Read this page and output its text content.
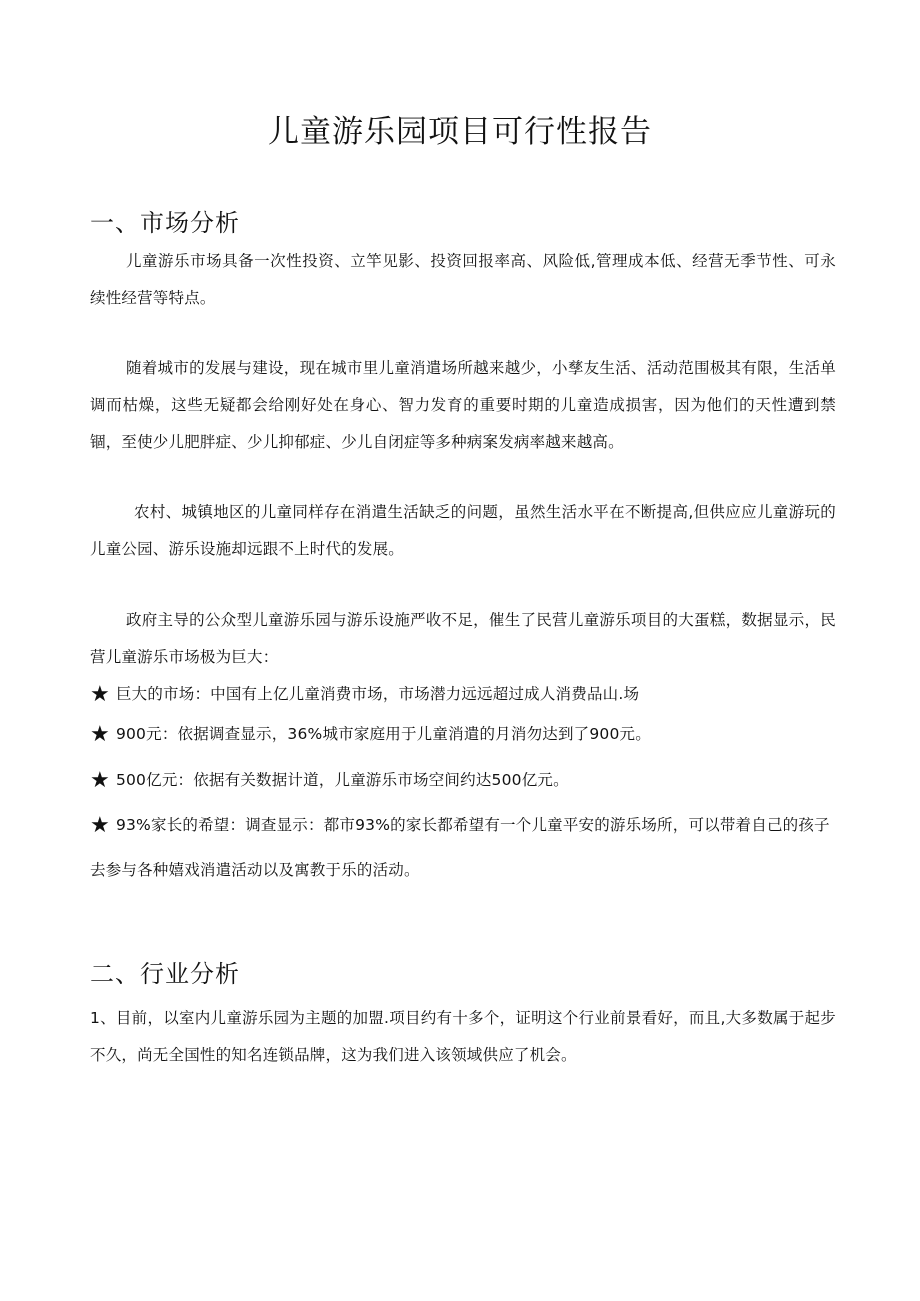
儿童游乐园项目可行性报告
一、市场分析
儿童游乐市场具备一次性投资、立竿见影、投资回报率高、风险低,管理成本低、经营无季节性、可永续性经营等特点。
随着城市的发展与建设，现在城市里儿童消遣场所越来越少，小孳友生活、活动范围极其有限，生活单调而枯燥，这些无疑都会给刚好处在身心、智力发育的重要时期的儿童造成损害，因为他们的天性遭到禁锢，至使少儿肥胖症、少儿抑郁症、少儿自闭症等多种病案发病率越来越高。
农村、城镇地区的儿童同样存在消遣生活缺乏的问题，虽然生活水平在不断提高,但供应应儿童游玩的儿童公园、游乐设施却远跟不上时代的发展。
政府主导的公众型儿童游乐园与游乐设施严收不足，催生了民营儿童游乐项目的大蛋糕，数据显示，民营儿童游乐市场极为巨大：
★ 巨大的市场：中国有上亿儿童消费市场，市场潜力远远超过成人消费品山.场
★ 900元：依据调查显示，36%城市家庭用于儿童消遣的月消勿达到了900元。
★ 500亿元：依据有关数据计道，儿童游乐市场空间约达500亿元。
★ 93%家长的希望：调查显示：都市93%的家长都希望有一个儿童平安的游乐场所，可以带着自己的孩子去参与各种嬉戏消遣活动以及寓教于乐的活动。
二、行业分析
1、目前，以室内儿童游乐园为主题的加盟.项目约有十多个，证明这个行业前景看好，而且,大多数属于起步不久，尚无全国性的知名连锁品牌，这为我们进入该领域供应了机会。
